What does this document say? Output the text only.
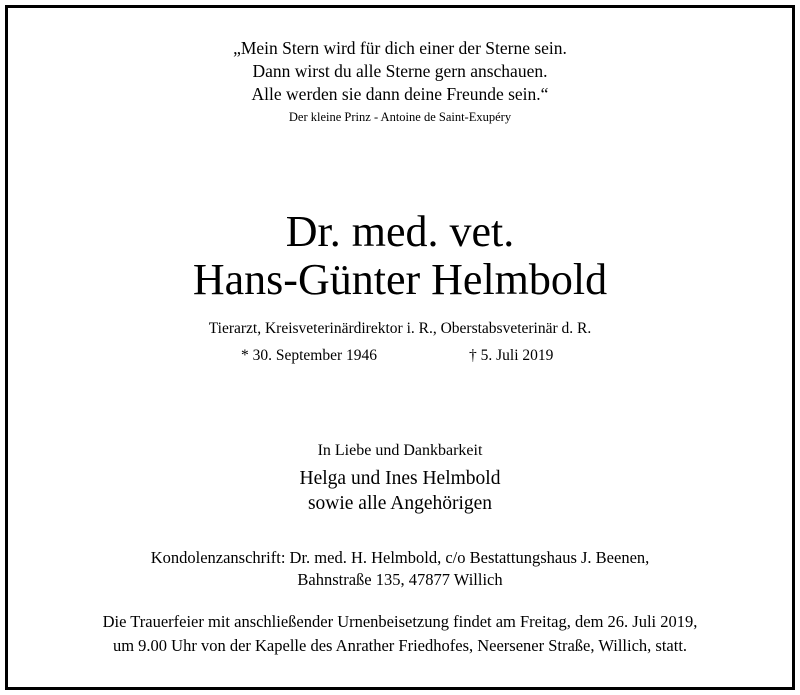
„Mein Stern wird für dich einer der Sterne sein.
Dann wirst du alle Sterne gern anschauen.
Alle werden sie dann deine Freunde sein.“
Der kleine Prinz - Antoine de Saint-Exupéry
Dr. med. vet.
Hans-Günter Helmbold
Tierarzt, Kreisveterinärdirektor i. R., Oberstabsveterinär d. R.
* 30. September 1946	† 5. Juli 2019
In Liebe und Dankbarkeit
Helga und Ines Helmbold
sowie alle Angehörigen
Kondolenzanschrift: Dr. med. H. Helmbold, c/o Bestattungshaus J. Beenen,
Bahnstraße 135, 47877 Willich
Die Trauerfeier mit anschließender Urnenbeisetzung findet am Freitag, dem 26. Juli 2019,
um 9.00 Uhr von der Kapelle des Anrather Friedhofes, Neersener Straße, Willich, statt.
